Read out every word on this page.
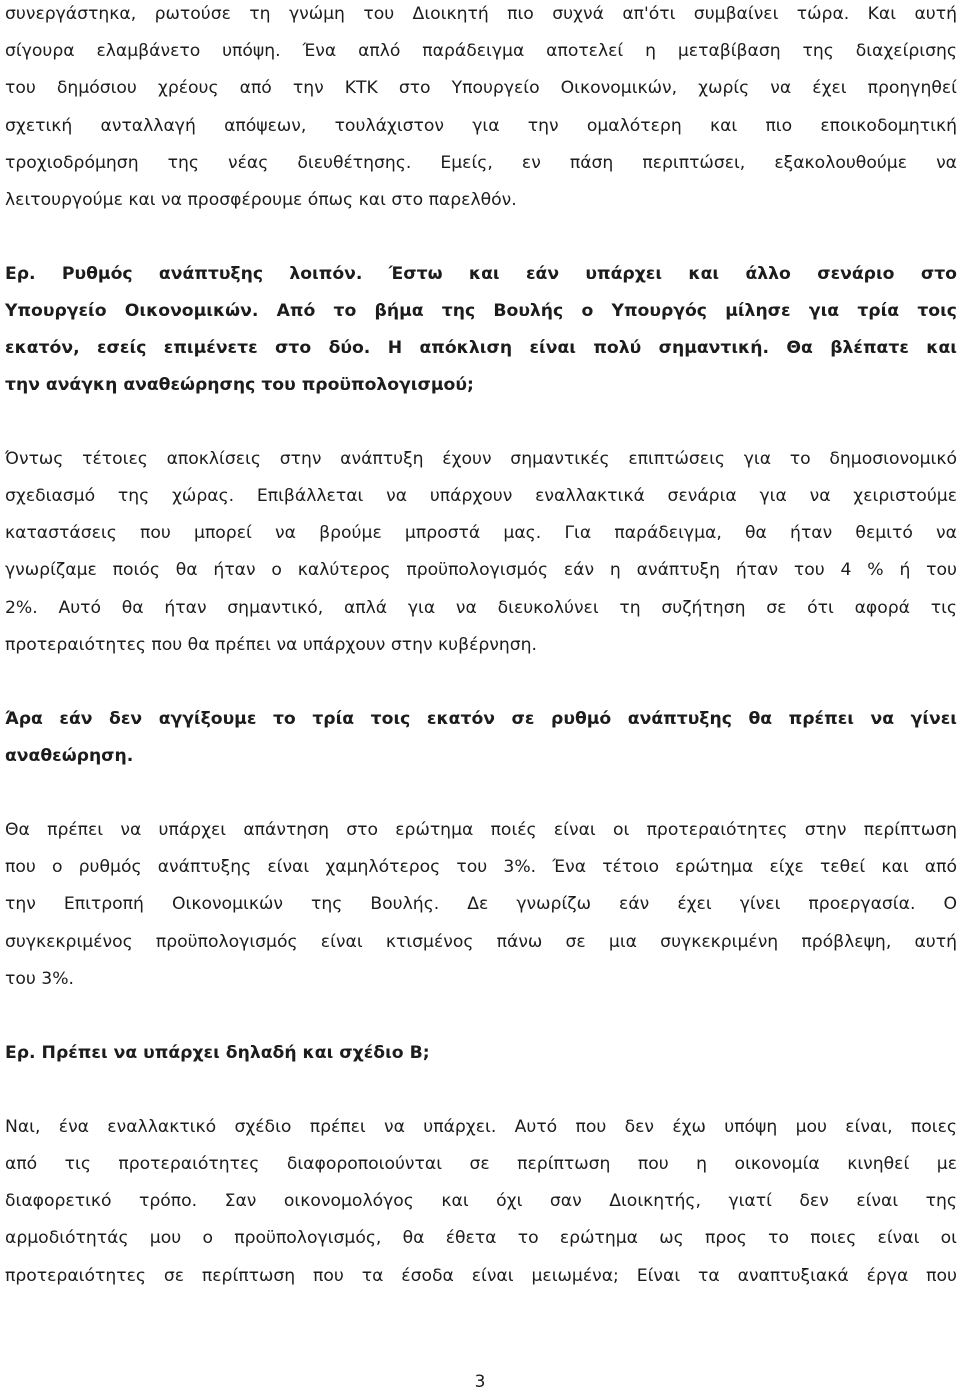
συνεργάστηκα, ρωτούσε τη γνώμη του Διοικητή πιο συχνά απ'ότι συμβαίνει τώρα. Και αυτή
σίγουρα ελαμβάνετο υπόψη. Ένα απλό παράδειγμα αποτελεί η μεταβίβαση της διαχείρισης
του δημόσιου χρέους από την ΚΤΚ στο Υπουργείο Οικονομικών, χωρίς να έχει προηγηθεί
σχετική ανταλλαγή απόψεων, τουλάχιστον για την ομαλότερη και πιο εποικοδομητική
τροχιοδρόμηση της νέας διευθέτησης. Εμείς, εν πάση περιπτώσει, εξακολουθούμε να
λειτουργούμε και να προσφέρουμε όπως και στο παρελθόν.
Ερ. Ρυθμός ανάπτυξης λοιπόν. Έστω και εάν υπάρχει και άλλο σενάριο στο
Υπουργείο Οικονομικών. Από το βήμα της Βουλής ο Υπουργός μίλησε για τρία τοις
εκατόν, εσείς επιμένετε στο δύο. Η απόκλιση είναι πολύ σημαντική. Θα βλέπατε και
την ανάγκη αναθεώρησης του προϋπολογισμού;
Όντως τέτοιες αποκλίσεις στην ανάπτυξη έχουν σημαντικές επιπτώσεις για το δημοσιονομικό
σχεδιασμό της χώρας. Επιβάλλεται να υπάρχουν εναλλακτικά σενάρια για να χειριστούμε
καταστάσεις που μπορεί να βρούμε μπροστά μας. Για παράδειγμα, θα ήταν θεμιτό να
γνωρίζαμε ποιός θα ήταν ο καλύτερος προϋπολογισμός εάν η ανάπτυξη ήταν του 4 % ή του
2%. Αυτό θα ήταν σημαντικό, απλά για να διευκολύνει τη συζήτηση σε ότι αφορά τις
προτεραιότητες που θα πρέπει να υπάρχουν στην κυβέρνηση.
Άρα εάν δεν αγγίξουμε το τρία τοις εκατόν σε ρυθμό ανάπτυξης θα πρέπει να γίνει
αναθεώρηση.
Θα πρέπει να υπάρχει απάντηση στο ερώτημα ποιές είναι οι προτεραιότητες στην περίπτωση
που ο ρυθμός ανάπτυξης είναι χαμηλότερος του 3%. Ένα τέτοιο ερώτημα είχε τεθεί και από
την Επιτροπή Οικονομικών της Βουλής. Δε γνωρίζω εάν έχει γίνει προεργασία. Ο
συγκεκριμένος προϋπολογισμός είναι κτισμένος πάνω σε μια συγκεκριμένη πρόβλεψη, αυτή
του 3%.
Ερ. Πρέπει να υπάρχει δηλαδή και σχέδιο Β;
Ναι, ένα εναλλακτικό σχέδιο πρέπει να υπάρχει. Αυτό που δεν έχω υπόψη μου είναι, ποιες
από τις προτεραιότητες διαφοροποιούνται σε περίπτωση που η οικονομία κινηθεί με
διαφορετικό τρόπο. Σαν οικονομολόγος και όχι σαν Διοικητής, γιατί δεν είναι της
αρμοδιότητάς μου ο προϋπολογισμός, θα έθετα το ερώτημα ως προς το ποιες είναι οι
προτεραιότητες σε περίπτωση που τα έσοδα είναι μειωμένα; Είναι τα αναπτυξιακά έργα που
3
